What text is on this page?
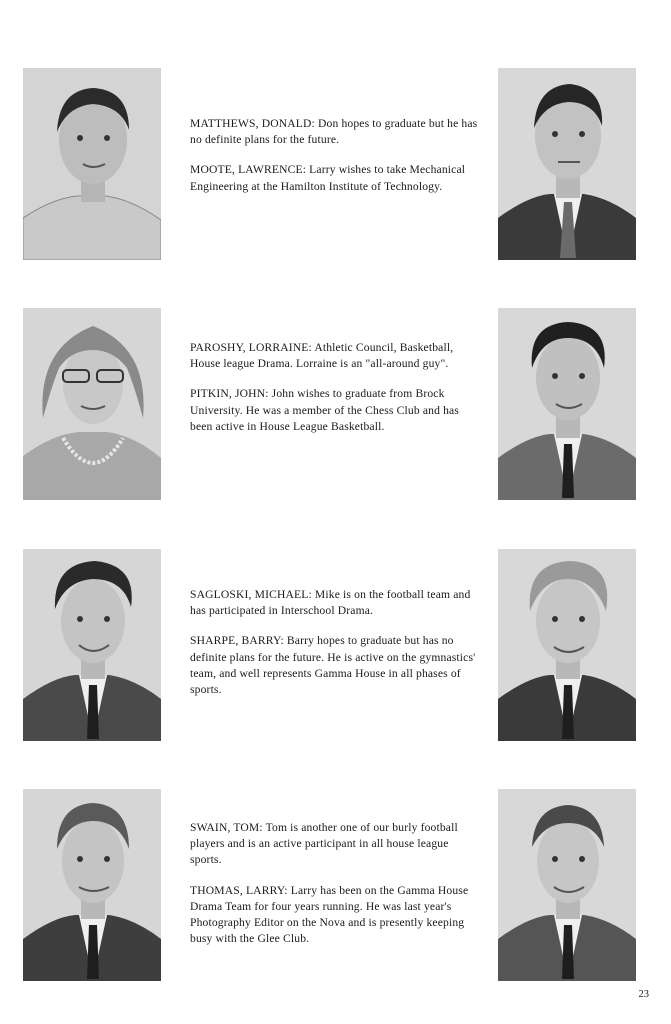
MATTHEWS, DONALD: Don hopes to graduate but he has no definite plans for the future.

MOOTE, LAWRENCE: Larry wishes to take Mechanical Engineering at the Hamilton Institute of Technology.

PAROSHY, LORRAINE: Athletic Council, Basketball, House league Drama. Lorraine is an "all-around guy".

PITKIN, JOHN: John wishes to graduate from Brock University. He was a member of the Chess Club and has been active in House League Basketball.

SAGLOSKI, MICHAEL: Mike is on the football team and has participated in Interschool Drama.

SHARPE, BARRY: Barry hopes to graduate but has no definite plans for the future. He is active on the gymnastics' team, and well represents Gamma House in all phases of sports.

SWAIN, TOM: Tom is another one of our burly football players and is an active participant in all house league sports.

THOMAS, LARRY: Larry has been on the Gamma House Drama Team for four years running. He was last year's Photography Editor on the Nova and is presently keeping busy with the Glee Club.

23
